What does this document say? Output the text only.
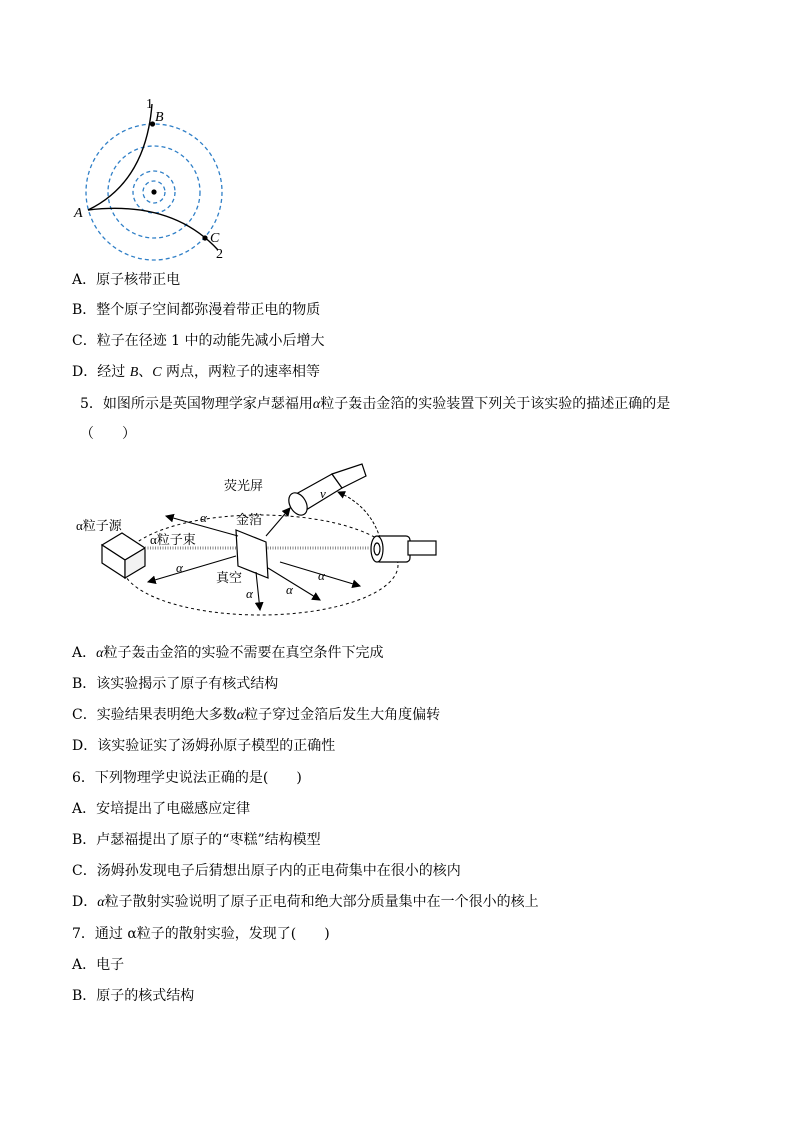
1
B
A
C
2
A．原子核带正电
B．整个原子空间都弥漫着带正电的物质
C．粒子在径迹 1 中的动能先减小后增大
D．经过 B、C 两点，两粒子的速率相等
5．如图所示是英国物理学家卢瑟福用α粒子轰击金箔的实验装置下列关于该实验的描述正确的是
（　　）
α粒子源
α粒子束
金箔
荧光屏
真空
α
α
α	α
α
v
A．α粒子轰击金箔的实验不需要在真空条件下完成
B．该实验揭示了原子有核式结构
C．实验结果表明绝大多数α粒子穿过金箔后发生大角度偏转
D．该实验证实了汤姆孙原子模型的正确性
6．下列物理学史说法正确的是(　　)
A．安培提出了电磁感应定律
B．卢瑟福提出了原子的“枣糕”结构模型
C．汤姆孙发现电子后猜想出原子内的正电荷集中在很小的核内
D．α粒子散射实验说明了原子正电荷和绝大部分质量集中在一个很小的核上
7．通过 α粒子的散射实验，发现了(　　)
A．电子
B．原子的核式结构
